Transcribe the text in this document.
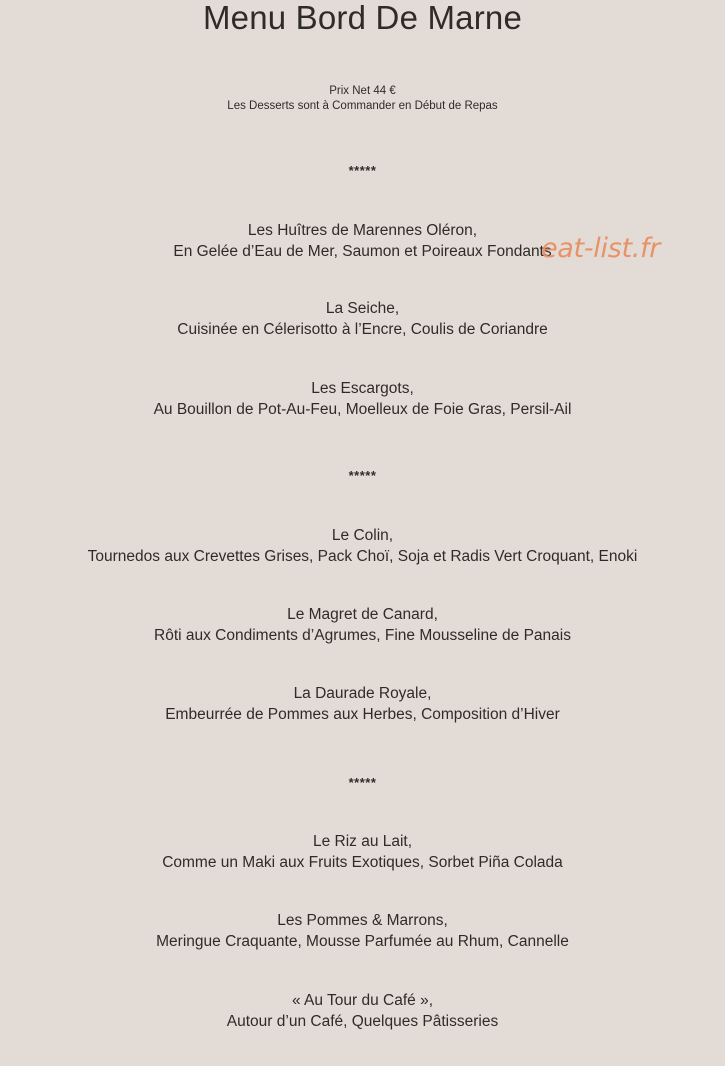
Menu Bord De Marne
Prix Net 44 €
Les Desserts sont à Commander en Début de Repas
*****
Les Huîtres de Marennes Oléron,
En Gelée d’Eau de Mer, Saumon et Poireaux Fondants
eat-list.fr
La Seiche,
Cuisinée en Célerisotto à l’Encre, Coulis de Coriandre
Les Escargots,
Au Bouillon de Pot-Au-Feu, Moelleux de Foie Gras, Persil-Ail
*****
Le Colin,
Tournedos aux Crevettes Grises, Pack Choï, Soja et Radis Vert Croquant, Enoki
Le Magret de Canard,
Rôti aux Condiments d’Agrumes, Fine Mousseline de Panais
La Daurade Royale,
Embeurrée de Pommes aux Herbes, Composition d’Hiver
*****
Le Riz au Lait,
Comme un Maki aux Fruits Exotiques, Sorbet Piña Colada
Les Pommes & Marrons,
Meringue Craquante, Mousse Parfumée au Rhum, Cannelle
« Au Tour du Café »,
Autour d’un Café, Quelques Pâtisseries
